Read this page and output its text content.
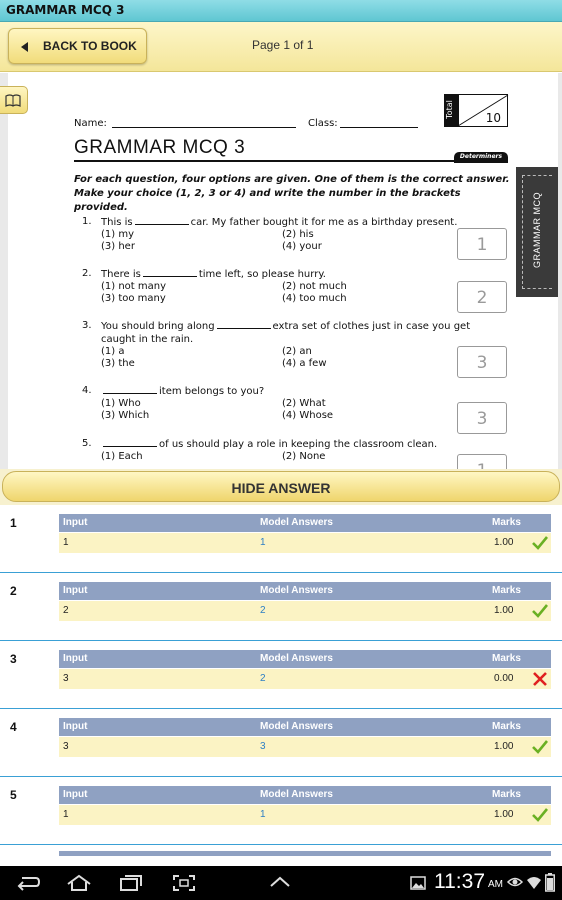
GRAMMAR MCQ 3
BACK TO BOOK	Page 1 of 1
Name:	Class:
Total	10
GRAMMAR MCQ 3	Determiners
For each question, four options are given. One of them is the correct answer. Make your choice (1, 2, 3 or 4) and write the number in the brackets provided.	GRAMMAR MCQ
1. This is	car. My father bought it for me as a birthday present.
(1) my	(2) his
(3) her	(4) your	1
2. There is	time left, so please hurry.
(1) not many	(2) not much
(3) too many	(4) too much	2
3. You should bring along	extra set of clothes just in case you get
caught in the rain.
(1) a	(2) an
(3) the	(4) a few	3
4.	item belongs to you?
(1) Who	(2) What
(3) Which	(4) Whose	3
5.	of us should play a role in keeping the classroom clean.
(1) Each	(2) None
HIDE ANSWER
1	Input	Model Answers	Marks
1	1	1.00
2	Input	Model Answers	Marks
2	2	1.00
3	Input	Model Answers	Marks
3	2	0.00
4	Input	Model Answers	Marks
3	3	1.00
5	Input	Model Answers	Marks
1	1	1.00
11:37 AM
